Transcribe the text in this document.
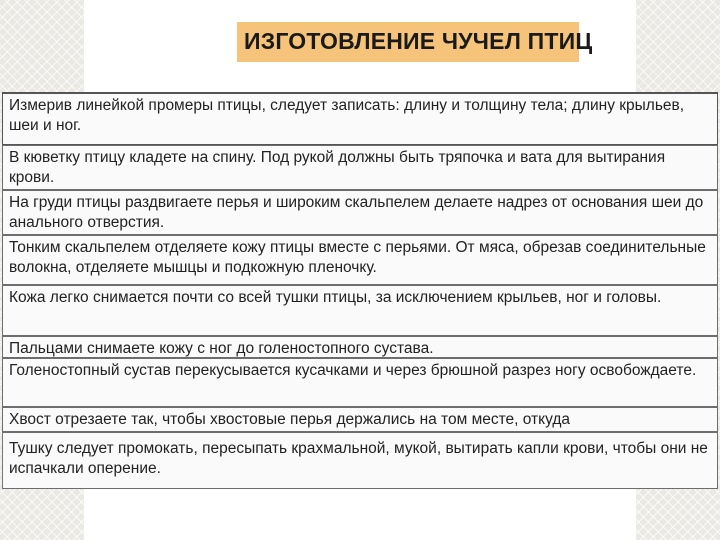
ИЗГОТОВЛЕНИЕ ЧУЧЕЛ ПТИЦ
Измерив линейкой промеры птицы, следует записать: длину и толщину тела; длину крыльев, шеи и ног.
В кюветку птицу кладете на спину. Под рукой должны быть тряпочка и вата для вытирания крови.
На груди птицы раздвигаете перья и широким скальпелем делаете надрез от основания шеи до анального отверстия.
Тонким скальпелем отделяете кожу птицы вместе с перьями. От мяса, обрезав соединительные волокна, отделяете мышцы и подкожную пленочку.
Кожа легко снимается почти со всей тушки птицы, за исключением крыльев, ног и головы.
Пальцами снимаете кожу с ног до голеностопного сустава.
Голеностопный сустав перекусывается кусачками и через брюшной разрез ногу освобождаете.
Хвост отрезаете так, чтобы хвостовые перья держались на том месте, откуда
Тушку следует промокать, пересыпать крахмальной, мукой, вытирать капли крови, чтобы они не испачкали оперение.
